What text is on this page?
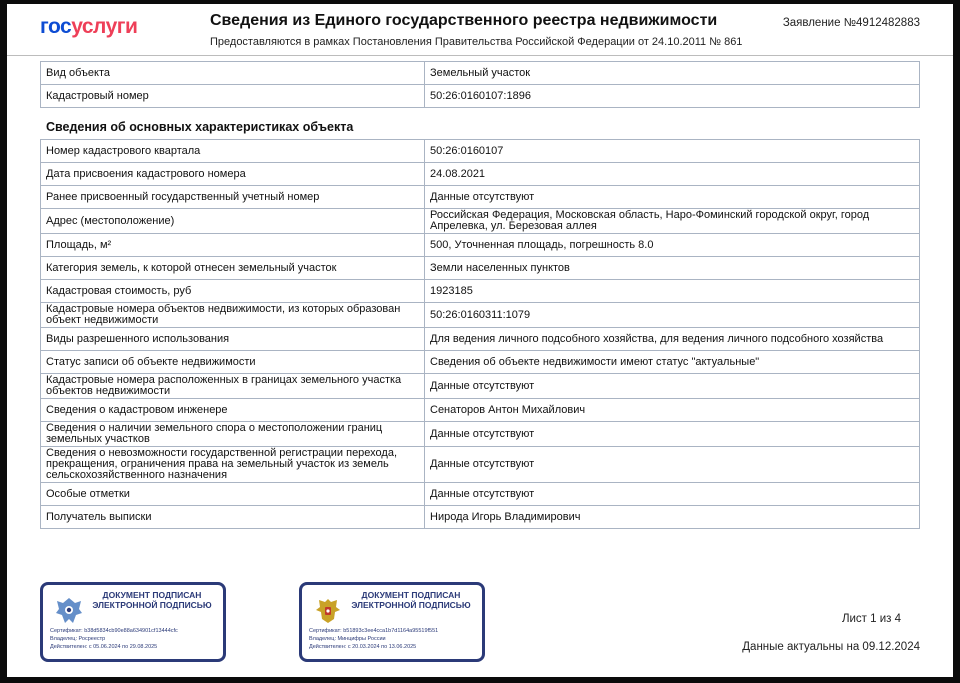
госуслуги	Сведения из Единого государственного реестра недвижимости
Предоставляются в рамках Постановления Правительства Российской Федерации от 24.10.2011 № 861
Заявление №4912482883
Вид объекта	Земельный участок
Кадастровый номер	50:26:0160107:1896
Сведения об основных характеристиках объекта
Номер кадастрового квартала	50:26:0160107
Дата присвоения кадастрового номера	24.08.2021
Ранее присвоенный государственный учетный номер	Данные отсутствуют
Адрес (местоположение)	Российская Федерация, Московская область, Наро-Фоминский городской округ, город Апрелевка, ул. Березовая аллея
Площадь, м²	500, Уточненная площадь, погрешность 8.0
Категория земель, к которой отнесен земельный участок	Земли населенных пунктов
Кадастровая стоимость, руб	1923185
Кадастровые номера объектов недвижимости, из которых образован объект недвижимости	50:26:0160311:1079
Виды разрешенного использования	Для ведения личного подсобного хозяйства, для ведения личного подсобного хозяйства
Статус записи об объекте недвижимости	Сведения об объекте недвижимости имеют статус "актуальные"
Кадастровые номера расположенных в границах земельного участка объектов недвижимости	Данные отсутствуют
Сведения о кадастровом инженере	Сенаторов Антон Михайлович
Сведения о наличии земельного спора о местоположении границ земельных участков	Данные отсутствуют
Сведения о невозможности государственной регистрации перехода, прекращения, ограничения права на земельный участок из земель сельскохозяйственного назначения	Данные отсутствуют
Особые отметки	Данные отсутствуют
Получатель выписки	Нирода Игорь Владимирович
ДОКУМЕНТ ПОДПИСАН ЭЛЕКТРОННОЙ ПОДПИСЬЮ
Сертификат: b38d5834cb90e88a634901cf13444cfc
Владелец: Росреестр
Действителен: с 05.06.2024 по 29.08.2025
ДОКУМЕНТ ПОДПИСАН ЭЛЕКТРОННОЙ ПОДПИСЬЮ
Сертификат: b51893c3ee4cca1b7d1164a95519f551
Владелец: Минцифры России
Действителен: с 20.03.2024 по 13.06.2025
Лист 1 из 4
Данные актуальны на 09.12.2024
